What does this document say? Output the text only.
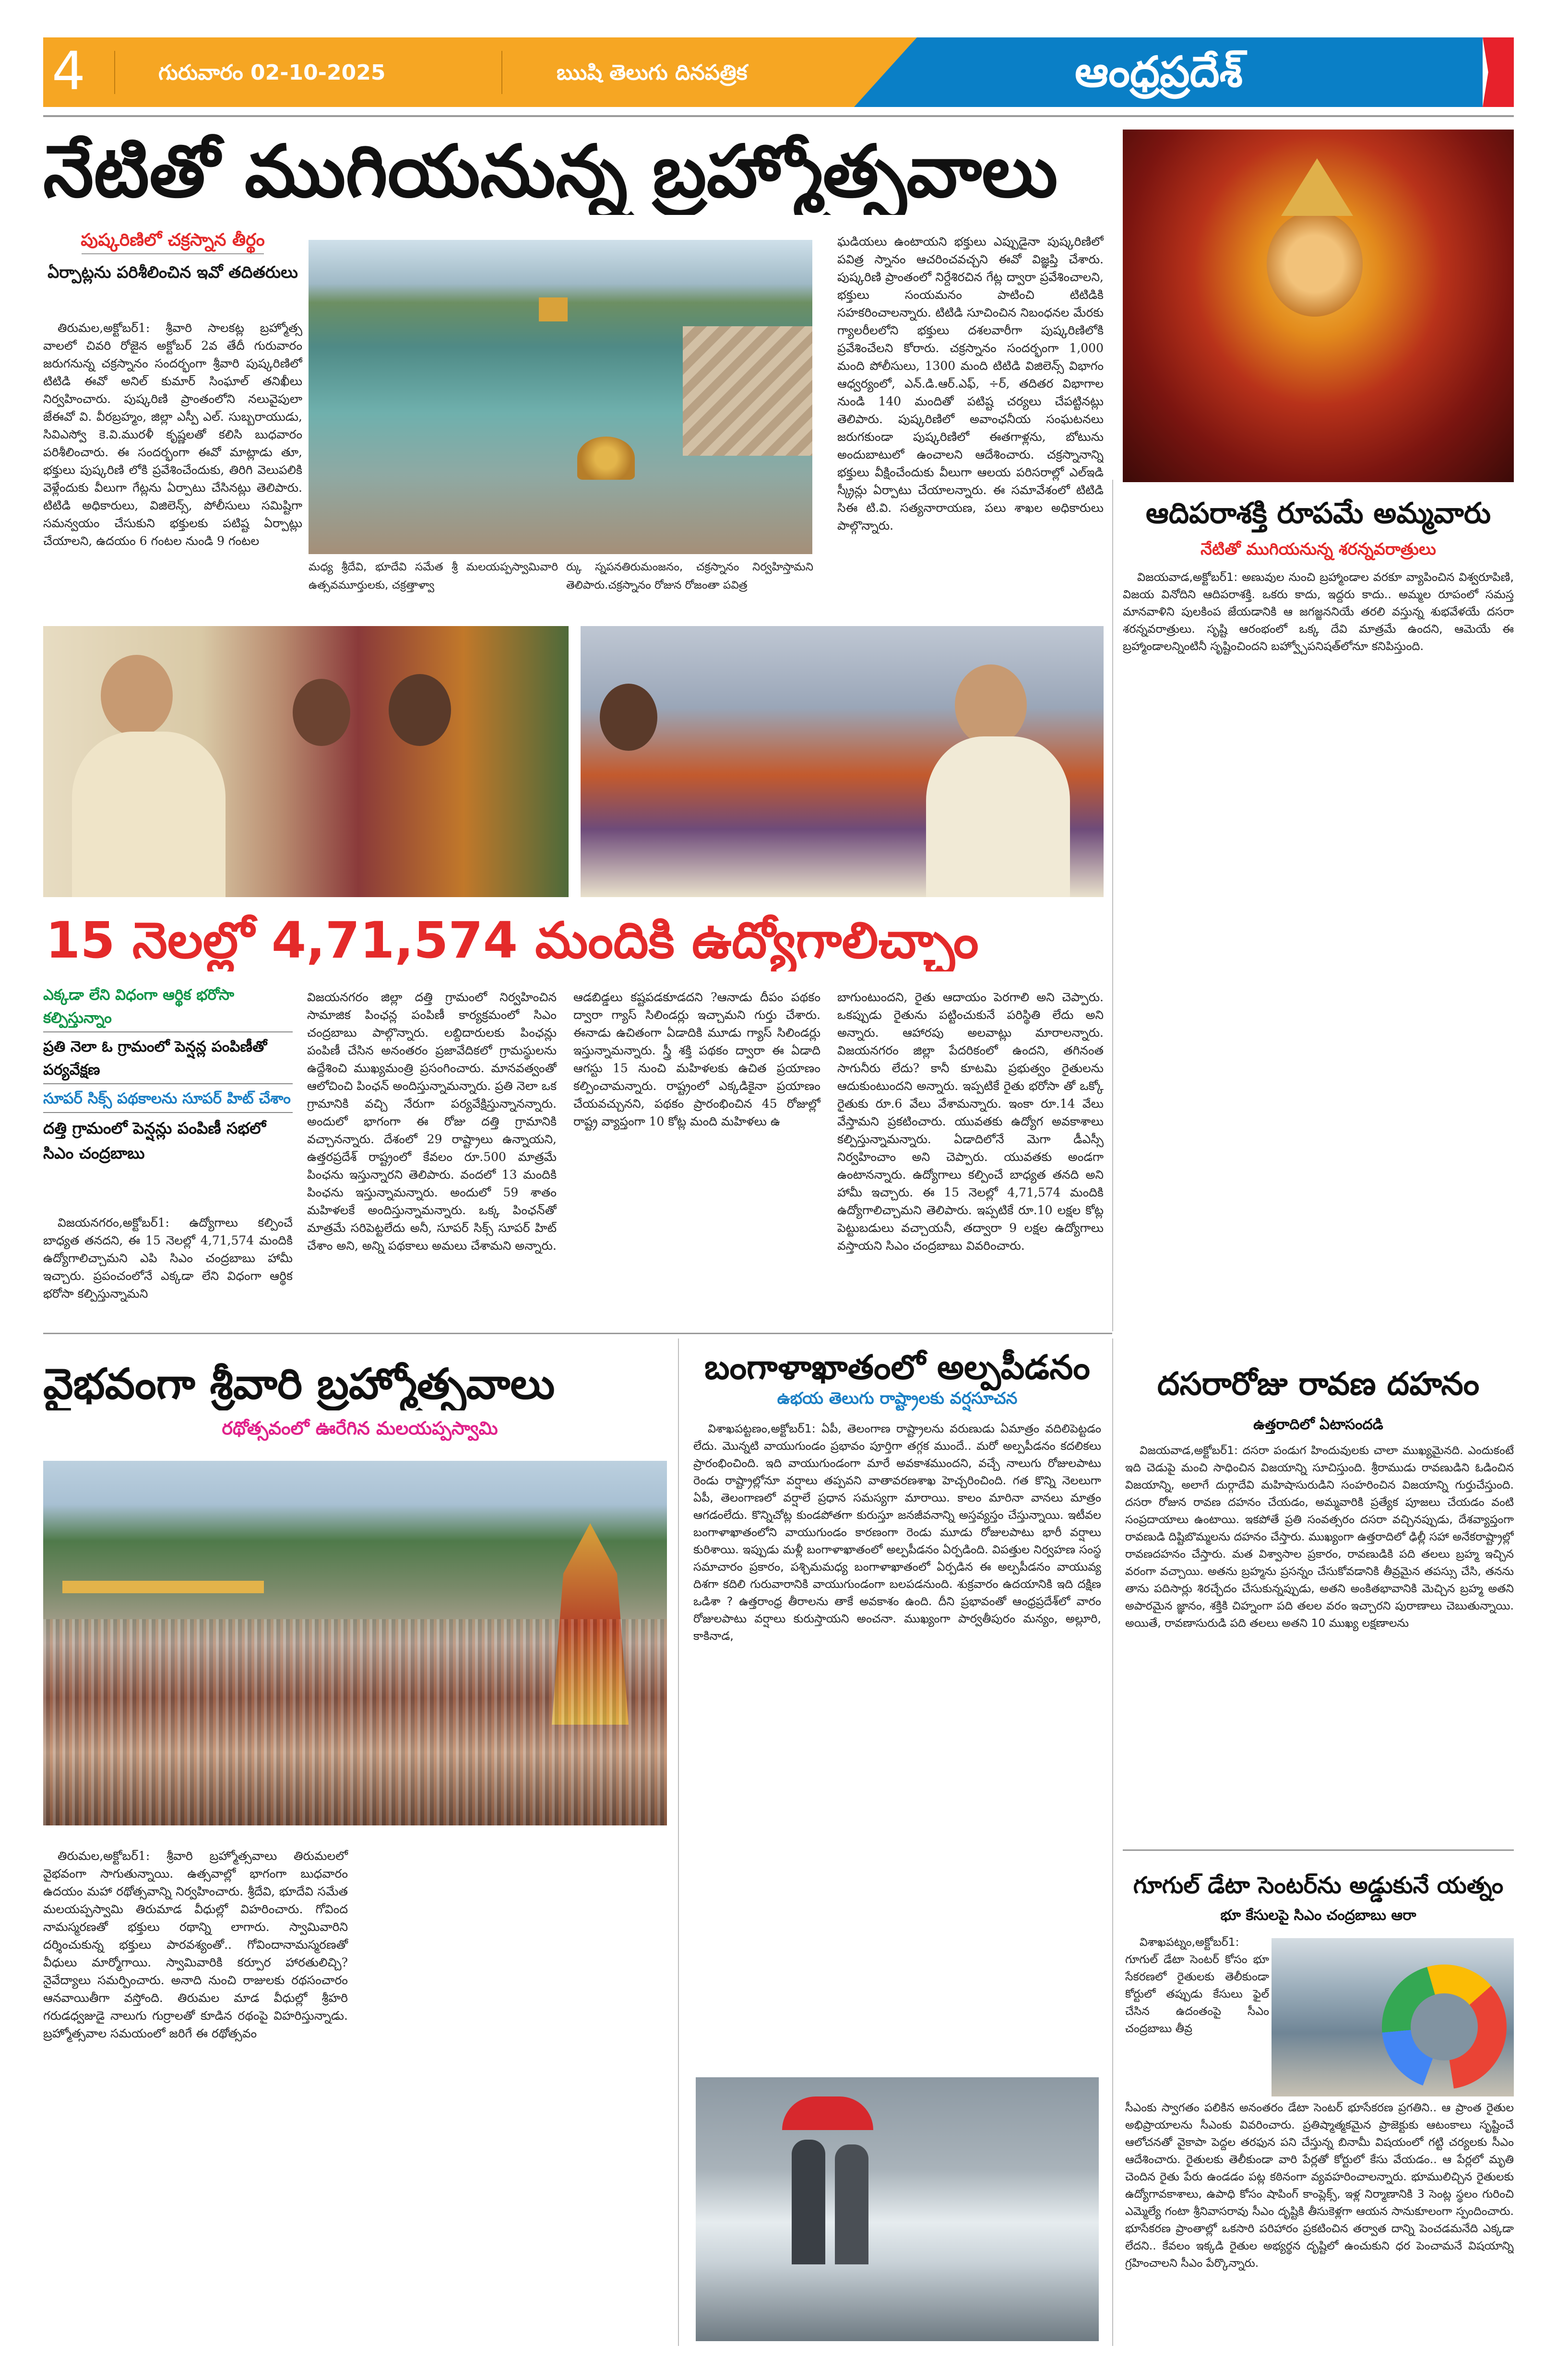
4	గురువారం 02-10-2025	ఋషి తెలుగు దినపత్రిక	ఆంధ్రప్రదేశ్
నేటితో ముగియనున్న బ్రహ్మోత్సవాలు
పుష్కరిణిలో చక్రస్నాన తీర్థం
ఏర్పాట్లను పరిశీలించిన ఇవో తదితరులు

తిరుమల,అక్టోబర్1: శ్రీవారి సాలకట్ల బ్రహ్మోత్స వాలలో చివరి రోజైన అక్టోబర్ 2వ తేదీ గురువారం జరుగనున్న చక్రస్నానం సందర్భంగా శ్రీవారి పుష్కరిణిలో టిటిడి ఈవో అనిల్ కుమార్ సింఘాల్ తనిఖీలు నిర్వహించారు. పుష్కరిణి ప్రాంతంలోని నలువైపులా జేఈవో వి. వీరబ్రహ్మం, జిల్లా ఎస్పీ ఎల్. సుబ్బరాయుడు, సివిఎస్వో కె.వి.మురళీ కృష్ణలతో కలిసి బుధవారం పరిశీలించారు. ఈ సందర్భంగా ఈవో మాట్లాడు తూ, భక్తులు పుష్కరిణి లోకి ప్రవేశించేందుకు, తిరిగి వెలుపలికి వెళ్లేందుకు వీలుగా గేట్లను ఏర్పాటు చేసినట్లు తెలిపారు. టిటిడి అధికారులు, విజిలెన్స్, పోలీసులు సమిష్టిగా సమన్వయం చేసుకుని భక్తులకు పటిష్ట ఏర్పాట్లు చేయాలని, ఉదయం 6 గంటల నుండి 9 గంటల

మధ్య శ్రీదేవి, భూదేవి సమేత శ్రీ మలయప్పస్వామివారి ఉత్సవమూర్తులకు, చక్రత్తాళ్వా
ర్కు స్నపనతిరుమంజనం, చక్రస్నానం నిర్వహిస్తామని తెలిపారు.చక్రస్నానం రోజున రోజంతా పవిత్ర

ఘడియలు ఉంటాయని భక్తులు ఎప్పుడైనా పుష్కరిణిలో పవిత్ర స్నానం ఆచరించవచ్చని ఈవో విజ్ఞప్తి చేశారు. పుష్కరిణి ప్రాంతంలో నిర్దేశిరచిన గేట్ల ద్వారా ప్రవేశించాలని, భక్తులు సంయమనం పాటించి టిటిడికి సహకరించాలన్నారు. టిటిడి సూచించిన నిబంధనల మేరకు గ్యాలరీలలోని భక్తులు దశలవారీగా పుష్కరిణిలోకి ప్రవేశించేలని కోరారు. చక్రస్నానం సందర్భంగా 1,000 మంది పోలీసులు, 1300 మంది టిటిడి విజిలెన్స్ విభాగం ఆధ్వర్యంలో, ఎన్.డి.ఆర్.ఎఫ్, ÷ర్, తదితర విభాగాల నుండి 140 మందితో పటిష్ట చర్యలు చేపట్టినట్లు తెలిపారు. పుష్కరిణిలో అవాంఛనీయ సంఘటనలు జరుగకుండా పుష్కరిణిలో ఈతగాళ్లను, బోటును అందుబాటులో ఉంచాలని ఆదేశించారు. చక్రస్నానాన్ని భక్తులు వీక్షించేందుకు వీలుగా ఆలయ పరిసరాల్లో ఎల్ఇడి స్క్రీన్లు ఏర్పాటు చేయాలన్నారు. ఈ సమావేశంలో టిటిడి సిఈ టి.వి. సత్యనారాయణ, పలు శాఖల అధికారులు పాల్గొన్నారు.	ఆదిపరాశక్తి రూపమే అమ్మవారు
నేటితో ముగియనున్న శరన్నవరాత్రులు

విజయవాడ,అక్టోబర్1: అణువుల నుంచి బ్రహ్మాండాల వరకూ వ్యాపించిన విశ్వరూపిణి, విజయ వినోదిని ఆదిపరాశక్తి. ఒకరు కాదు, ఇద్దరు కాదు.. అమ్మల రూపంలో సమస్త మానవాళిని పులకింప జేయడానికి ఆ జగజ్జననియే తరలి వస్తున్న శుభవేళయే దసరా శరన్నవరాత్రులు. సృష్టి ఆరంభంలో ఒక్క దేవి మాత్రమే ఉందని, ఆమెయే ఈ బ్రహ్మాండాలన్నింటినీ సృష్టించిందని బహ్వ్చోపనిషత్‌లోనూ కనిపిస్తుంది.

15 నెలల్లో 4,71,574 మందికి ఉద్యోగాలిచ్చాం
ఎక్కడా లేని విధంగా ఆర్థిక భరోసా కల్పిస్తున్నాం
ప్రతి నెలా ఓ గ్రామంలో పెన్షన్ల పంపిణీతో పర్యవేక్షణ
సూపర్ సిక్స్ పథకాలను సూపర్ హిట్ చేశాం
దత్తి గ్రామంలో పెన్షన్లు పంపిణీ సభలో సిఎం చంద్రబాబు

విజయనగరం,అక్టోబర్1: ఉద్యోగాలు కల్పించే బాధ్యత తనదని, ఈ 15 నెలల్లో 4,71,574 మందికి ఉద్యోగాలిచ్చామని ఎపి సిఎం చంద్రబాబు హామీ ఇచ్చారు. ప్రపంచంలోనే ఎక్కడా లేని విధంగా ఆర్థిక భరోసా కల్పిస్తున్నామని

విజయనగరం జిల్లా దత్తి గ్రామంలో నిర్వహించిన సామాజిక పింఛన్ల పంపిణీ కార్యక్రమంలో సిఎం చంద్రబాబు పాల్గొన్నారు. లబ్దిదారులకు పింఛన్లు పంపిణీ చేసిన అనంతరం ప్రజావేదికలో గ్రామస్థులను ఉద్దేశించి ముఖ్యమంత్రి ప్రసంగించారు. మానవత్వంతో ఆలోచించి పింఛన్ అందిస్తున్నామన్నారు. ప్రతి నెలా ఒక గ్రామానికి వచ్చి నేరుగా పర్యవేక్షిస్తున్నానన్నారు. అందులో భాగంగా ఈ రోజు దత్తి గ్రామానికి వచ్చానన్నారు. దేశంలో 29 రాష్ట్రాలు ఉన్నాయని, ఉత్తరప్రదేశ్ రాష్ట్రంలో కేవలం రూ.500 మాత్రమే పింఛను ఇస్తున్నారని తెలిపారు. వందలో 13 మందికి పింఛను ఇస్తున్నామన్నారు. అందులో 59 శాతం మహిళలకే అందిస్తున్నామన్నారు. ఒక్క పింఛన్‌తో మాత్రమే సరిపెట్టలేదు అనీ, సూపర్ సిక్స్ సూపర్ హిట్ చేశాం అని, అన్ని పథకాలు అమలు చేశామని అన్నారు.

ఆడబిడ్డలు కష్టపడకూడదని ?ఆనాడు దీపం పథకం ద్వారా గ్యాస్ సిలిండర్లు ఇచ్చామని గుర్తు చేశారు. ఈనాడు ఉచితంగా ఏడాదికి మూడు గ్యాస్ సిలిండర్లు ఇస్తున్నామన్నారు. స్త్రీ శక్తి పథకం ద్వారా ఈ ఏడాది ఆగస్టు 15 నుంచి మహిళలకు ఉచిత ప్రయాణం కల్పించామన్నారు. రాష్ట్రంలో ఎక్కడికైనా ప్రయాణం చేయవచ్చునని, పథకం ప్రారంభించిన 45 రోజుల్లో రాష్ట్ర వ్యాప్తంగా 10 కోట్ల మంది మహిళలు ఉ

బాగుంటుందని, రైతు ఆదాయం పెరగాలి అని చెప్పారు. ఒకప్పుడు రైతును పట్టించుకునే పరిస్థితి లేదు అని అన్నారు. ఆహారపు అలవాట్లు మారాలన్నారు. విజయనగరం జిల్లా పేదరికంలో ఉందని, తగినంత సాగునీరు లేదు? కానీ కూటమి ప్రభుత్వం రైతులను ఆదుకుంటుందని అన్నారు. ఇప్పటికే రైతు భరోసా తో ఒక్కో రైతుకు రూ.6 వేలు వేశామన్నారు. ఇంకా రూ.14 వేలు వేస్తామని ప్రకటించారు. యువతకు ఉద్యోగ అవకాశాలు కల్పిస్తున్నామన్నారు. ఏడాదిలోనే మెగా డీఎస్సీ నిర్వహించాం అని చెప్పారు. యువతకు అండగా ఉంటానన్నారు. ఉద్యోగాలు కల్పించే బాధ్యత తనది అని హామీ ఇచ్చారు. ఈ 15 నెలల్లో 4,71,574 మందికి ఉద్యోగాలిచ్చామని తెలిపారు. ఇప్పటికే రూ.10 లక్షల కోట్ల పెట్టుబడులు వచ్చాయనీ, తద్వారా 9 లక్షల ఉద్యోగాలు వస్తాయని సిఎం చంద్రబాబు వివరించారు.

వైభవంగా శ్రీవారి బ్రహ్మోత్సవాలు
రథోత్సవంలో ఊరేగిన మలయప్పస్వామి

తిరుమల,అక్టోబర్1: శ్రీవారి బ్రహ్మోత్సవాలు తిరుమలలో వైభవంగా సాగుతున్నాయి. ఉత్సవాల్లో భాగంగా బుధవారం ఉదయం మహా రథోత్సవాన్ని నిర్వహించారు. శ్రీదేవి, భూదేవి సమేత మలయప్పస్వామి తిరుమాడ వీధుల్లో విహరించారు. గోవింద నామస్మరణతో భక్తులు రథాన్ని లాగారు. స్వామివారిని దర్శించుకున్న భక్తులు పారవశ్యంతో.. గోవిందానామస్మరణతో వీధులు మార్మోగాయి. స్వామివారికి కర్పూర హారతులిచ్చి? నైవేద్యాలు సమర్పించారు. అనాది నుంచి రాజులకు రథసంచారం ఆనవాయితీగా వస్తోంది. తిరుమల మాడ వీధుల్లో శ్రీహరి గరుడధ్వజుడై నాలుగు గుర్రాలతో కూడిన రథంపై విహరిస్తున్నాడు. బ్రహ్మోత్సవాల సమయంలో జరిగే ఈ రథోత్సవం

బంగాళాఖాతంలో అల్పపీడనం
ఉభయ తెలుగు రాష్ట్రాలకు వర్షసూచన

విశాఖపట్టణం,అక్టోబర్1: ఏపీ, తెలంగాణ రాష్ట్రాలను వరుణుడు ఏమాత్రం వదిలిపెట్టడం లేదు. మొన్నటి వాయుగుండం ప్రభావం పూర్తిగా తగ్గక ముందే.. మరో అల్పపీడనం కదలికలు ప్రారంభించింది. ఇది వాయుగుండంగా మారే అవకాశముందని, వచ్చే నాలుగు రోజులపాటు రెండు రాష్ట్రాల్లోనూ వర్షాలు తప్పవని వాతావరణశాఖ హెచ్చరించింది. గత కొన్ని నెలలుగా ఏపీ, తెలంగాణలో వర్షాలే ప్రధాన సమస్యగా మారాయి. కాలం మారినా వానలు మాత్రం ఆగడంలేదు. కొన్నిచోట్ల కుండపోతగా కురుస్తూ జనజీవనాన్ని అస్తవ్యస్తం చేస్తున్నాయి. ఇటీవల బంగాళాఖాతంలోని వాయుగుండం కారణంగా రెండు మూడు రోజులపాటు భారీ వర్షాలు కురిశాయి. ఇప్పుడు మళ్లీ బంగాళాఖాతంలో అల్పపీడనం ఏర్పడింది. విపత్తుల నిర్వహణ సంస్థ సమాచారం ప్రకారం, పశ్చిమమధ్య బంగాళాఖాతంలో ఏర్పడిన ఈ అల్పపీడనం వాయువ్య దిశగా కదిలి గురువారానికి వాయుగుండంగా బలపడనుంది. శుక్రవారం ఉదయానికి ఇది దక్షిణ ఒడిశా ? ఉత్తరాంధ్ర తీరాలను తాకే అవకాశం ఉంది. దీని ప్రభావంతో ఆంధ్రప్రదేశ్‌లో వారం రోజులపాటు వర్షాలు కురుస్తాయని అంచనా. ముఖ్యంగా పార్వతీపురం మన్యం, అల్లూరి, కాకినాడ,

దసరారోజు రావణ దహనం
ఉత్తరాదిలో ఏటాసందడి

విజయవాడ,అక్టోబర్1: దసరా పండుగ హిందువులకు చాలా ముఖ్యమైనది. ఎందుకంటే ఇది చెడుపై మంచి సాధించిన విజయాన్ని సూచిస్తుంది. శ్రీరాముడు రావణుడిని ఓడించిన విజయాన్ని, అలాగే దుర్గాదేవి మహిషాసురుడిని సంహరించిన విజయాన్ని గుర్తుచేస్తుంది. దసరా రోజున రావణ దహనం చేయడం, అమ్మవారికి ప్రత్యేక పూజలు చేయడం వంటి సంప్రదాయాలు ఉంటాయి. ఇకపోతే ప్రతి సంవత్సరం దసరా వచ్చినప్పుడు, దేశవ్యాప్తంగా రావణుడి దిష్టిబొమ్మలను దహనం చేస్తారు. ముఖ్యంగా ఉత్తరాదిలో ఢిల్లీ సహా అనేకరాష్ట్రాల్లో రావణదహనం చేస్తారు. మత విశ్వాసాల ప్రకారం, రావణుడికి పది తలలు బ్రహ్మ ఇచ్చిన వరంగా వచ్చాయి. అతను బ్రహ్మను ప్రసన్నం చేసుకోవడానికి తీవ్రమైన తపస్సు చేసి, తనను తాను పదిసార్లు శిరచ్ఛేదం చేసుకున్నప్పుడు, అతని అంకితభావానికి మెచ్చిన బ్రహ్మ అతని అపారమైన జ్ఞానం, శక్తికి చిహ్నంగా పది తలల వరం ఇచ్చారని పురాణాలు చెబుతున్నాయి. అయితే, రావణాసురుడి పది తలలు అతని 10 ముఖ్య లక్షణాలను

గూగుల్ డేటా సెంటర్‌ను అడ్డుకునే యత్నం
భూ కేసులపై సిఎం చంద్రబాబు ఆరా

విశాఖపట్నం,అక్టోబర్1: గూగుల్ డేటా సెంటర్ కోసం భూ సేకరణలో రైతులకు తెలీకుండా కోర్టులో తప్పుడు కేసులు ఫైల్ చేసిన ఉదంతంపై సీఎం చంద్రబాబు తీవ్ర

సీఎంకు స్వాగతం పలికిన అనంతరం డేటా సెంటర్ భూసేకరణ ప్రగతిని.. ఆ ప్రాంత రైతుల అభిప్రాయాలను సీఎంకు వివరించారు. ప్రతిష్మాత్మకమైన ప్రాజెక్టుకు ఆటంకాలు సృష్టించే ఆలోచనతో వైకాపా పెద్దల తరఫున పని చేస్తున్న బినామీ విషయంలో గట్టి చర్యలకు సీఎం ఆదేశించారు. రైతులకు తెలీకుండా వారి పేర్లతో కోర్టులో కేసు వేయడం.. ఆ పేర్లలో మృతి చెందిన రైతు పేరు ఉండడం పట్ల కఠినంగా వ్యవహరించాలన్నారు. భూములిచ్చిన రైతులకు ఉద్యోగావకాశాలు, ఉపాధి కోసం షాపింగ్ కాంప్లెక్స్, ఇళ్ల నిర్మాణానికి 3 సెంట్ల స్థలం గురించి ఎమ్మెల్యే గంటా శ్రీనివాసరావు సీఎం దృష్టికి తీసుకెళ్లగా ఆయన సానుకూలంగా స్పందించారు. భూసేకరణ ప్రాంతాల్లో ఒకసారి పరిహారం ప్రకటించిన తర్వాత దాన్ని పెంచడమనేది ఎక్కడా లేదని.. కేవలం ఇక్కడి రైతుల అభ్యర్థన దృష్టిలో ఉంచుకుని ధర పెంచామనే విషయాన్ని గ్రహించాలని సీఎం పేర్కొన్నారు.
